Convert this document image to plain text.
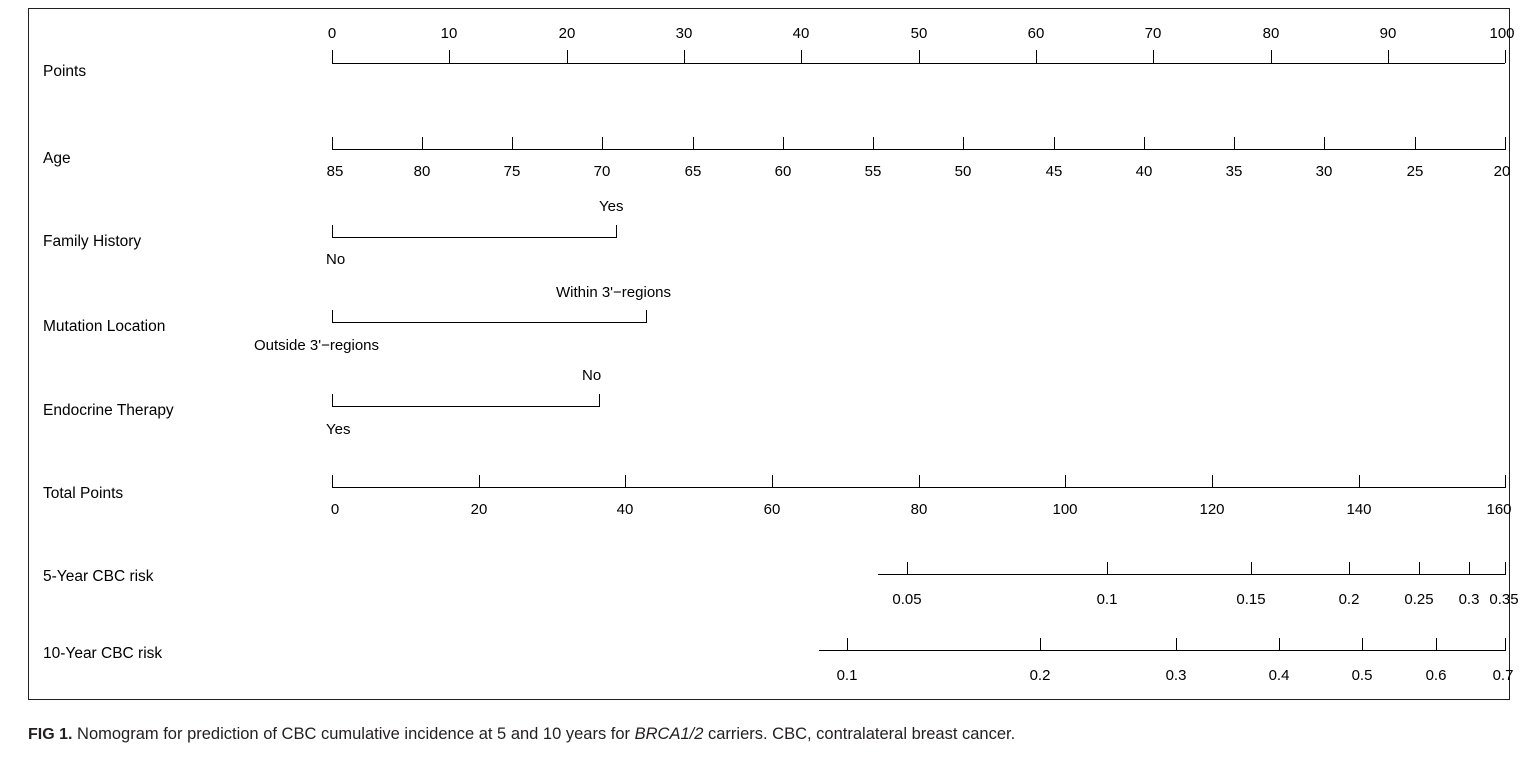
Points
0	10	20	30	40	50	60	70	80	90	100
Age
85	80	75	70	65	60	55	50	45	40	35	30	25	20
Family History
Yes
No
Mutation Location
Within 3'−regions
Outside 3'−regions
Endocrine Therapy
No
Yes
Total Points
0	20	40	60	80	100	120	140	160
5-Year CBC risk
0.05	0.1	0.15	0.2	0.25 0.3 0.35
10-Year CBC risk
0.1	0.2	0.3	0.4	0.5	0.6	0.7
FIG 1. Nomogram for prediction of CBC cumulative incidence at 5 and 10 years for BRCA1/2 carriers. CBC, contralateral breast cancer.
